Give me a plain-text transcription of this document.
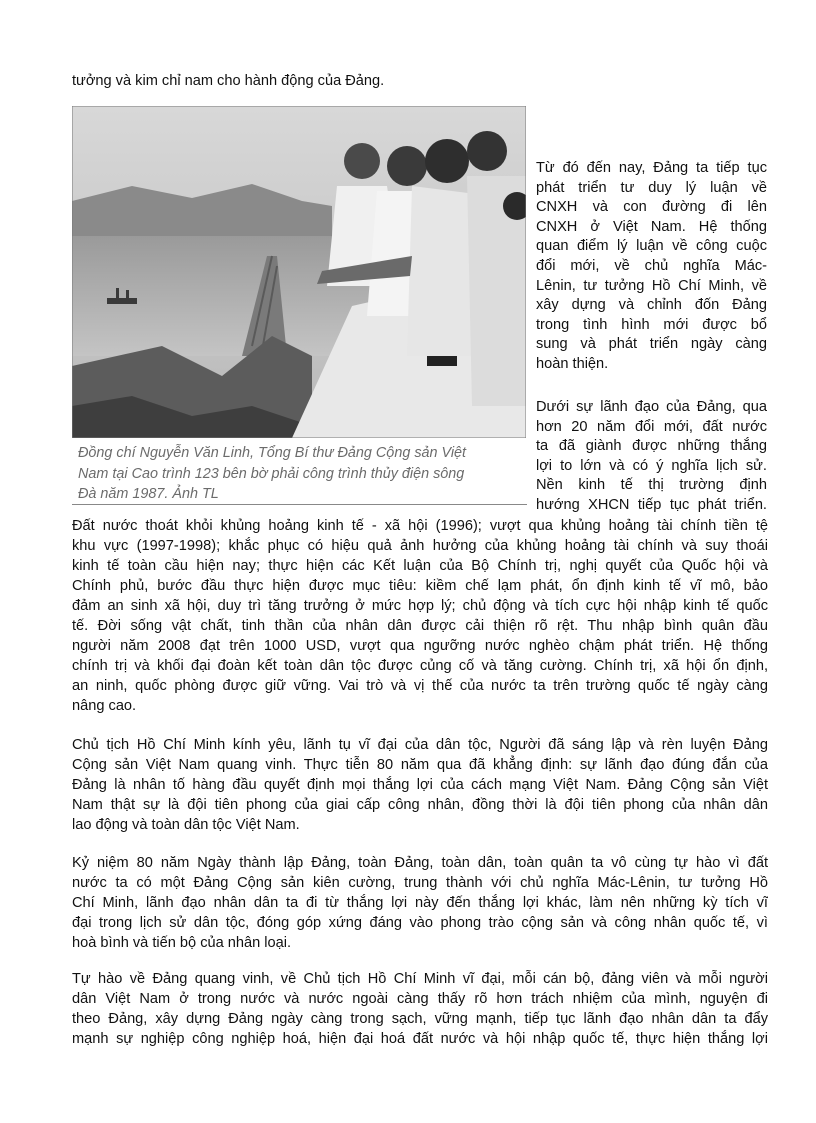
tưởng và kim chỉ nam cho hành động của Đảng.
Đồng chí Nguyễn Văn Linh, Tổng Bí thư Đảng Cộng sản Việt
Nam tại Cao trình 123 bên bờ phải công trình thủy điện sông
Đà năm 1987. Ảnh TL
Từ đó đến nay, Đảng ta tiếp tục
phát triển tư duy lý luận về
CNXH và con đường đi lên
CNXH ở Việt Nam. Hệ thống
quan điểm lý luận về công cuộc
đổi mới, về chủ nghĩa Mác-
Lênin, tư tưởng Hồ Chí Minh, về
xây dựng và chỉnh đốn Đảng
trong tình hình mới được bổ
sung và phát triển ngày càng
hoàn thiện.
Dưới sự lãnh đạo của Đảng, qua
hơn 20 năm đổi mới, đất nước
ta đã giành được những thắng
lợi to lớn và có ý nghĩa lịch sử.
Nền kinh tế thị trường định
hướng XHCN tiếp tục phát triển.
Đất nước thoát khỏi khủng hoảng kinh tế - xã hội (1996); vượt qua khủng hoảng tài chính tiền tệ
khu vực (1997-1998); khắc phục có hiệu quả ảnh hưởng của khủng hoảng tài chính và suy thoái
kinh tế toàn cầu hiện nay; thực hiện các Kết luận của Bộ Chính trị, nghị quyết của Quốc hội và
Chính phủ, bước đầu thực hiện được mục tiêu: kiềm chế lạm phát, ổn định kinh tế vĩ mô, bảo
đảm an sinh xã hội, duy trì tăng trưởng ở mức hợp lý; chủ động và tích cực hội nhập kinh tế quốc
tế. Đời sống vật chất, tinh thần của nhân dân được cải thiện rõ rệt. Thu nhập bình quân đầu
người năm 2008 đạt trên 1000 USD, vượt qua ngưỡng nước nghèo chậm phát triển. Hệ thống
chính trị và khối đại đoàn kết toàn dân tộc được củng cố và tăng cường. Chính trị, xã hội ổn định,
an ninh, quốc phòng được giữ vững. Vai trò và vị thế của nước ta trên trường quốc tế ngày càng
nâng cao.
Chủ tịch Hồ Chí Minh kính yêu, lãnh tụ vĩ đại của dân tộc, Người đã sáng lập và rèn luyện Đảng
Cộng sản Việt Nam quang vinh. Thực tiễn 80 năm qua đã khẳng định: sự lãnh đạo đúng đắn của
Đảng là nhân tố hàng đầu quyết định mọi thắng lợi của cách mạng Việt Nam. Đảng Cộng sản Việt
Nam thật sự là đội tiên phong của giai cấp công nhân, đồng thời là đội tiên phong của nhân dân
lao động và toàn dân tộc Việt Nam.
Kỷ niệm 80 năm Ngày thành lập Đảng, toàn Đảng, toàn dân, toàn quân ta vô cùng tự hào vì đất
nước ta có một Đảng Cộng sản kiên cường, trung thành với chủ nghĩa Mác-Lênin, tư tưởng Hồ
Chí Minh, lãnh đạo nhân dân ta đi từ thắng lợi này đến thắng lợi khác, làm nên những kỳ tích vĩ
đại trong lịch sử dân tộc, đóng góp xứng đáng vào phong trào cộng sản và công nhân quốc tế, vì
hoà bình và tiến bộ của nhân loại.
Tự hào về Đảng quang vinh, về Chủ tịch Hồ Chí Minh vĩ đại, mỗi cán bộ, đảng viên và mỗi người
dân Việt Nam ở trong nước và nước ngoài càng thấy rõ hơn trách nhiệm của mình, nguyện đi
theo Đảng, xây dựng Đảng ngày càng trong sạch, vững mạnh, tiếp tục lãnh đạo nhân dân ta đẩy
mạnh sự nghiệp công nghiệp hoá, hiện đại hoá đất nước và hội nhập quốc tế, thực hiện thắng lợi
